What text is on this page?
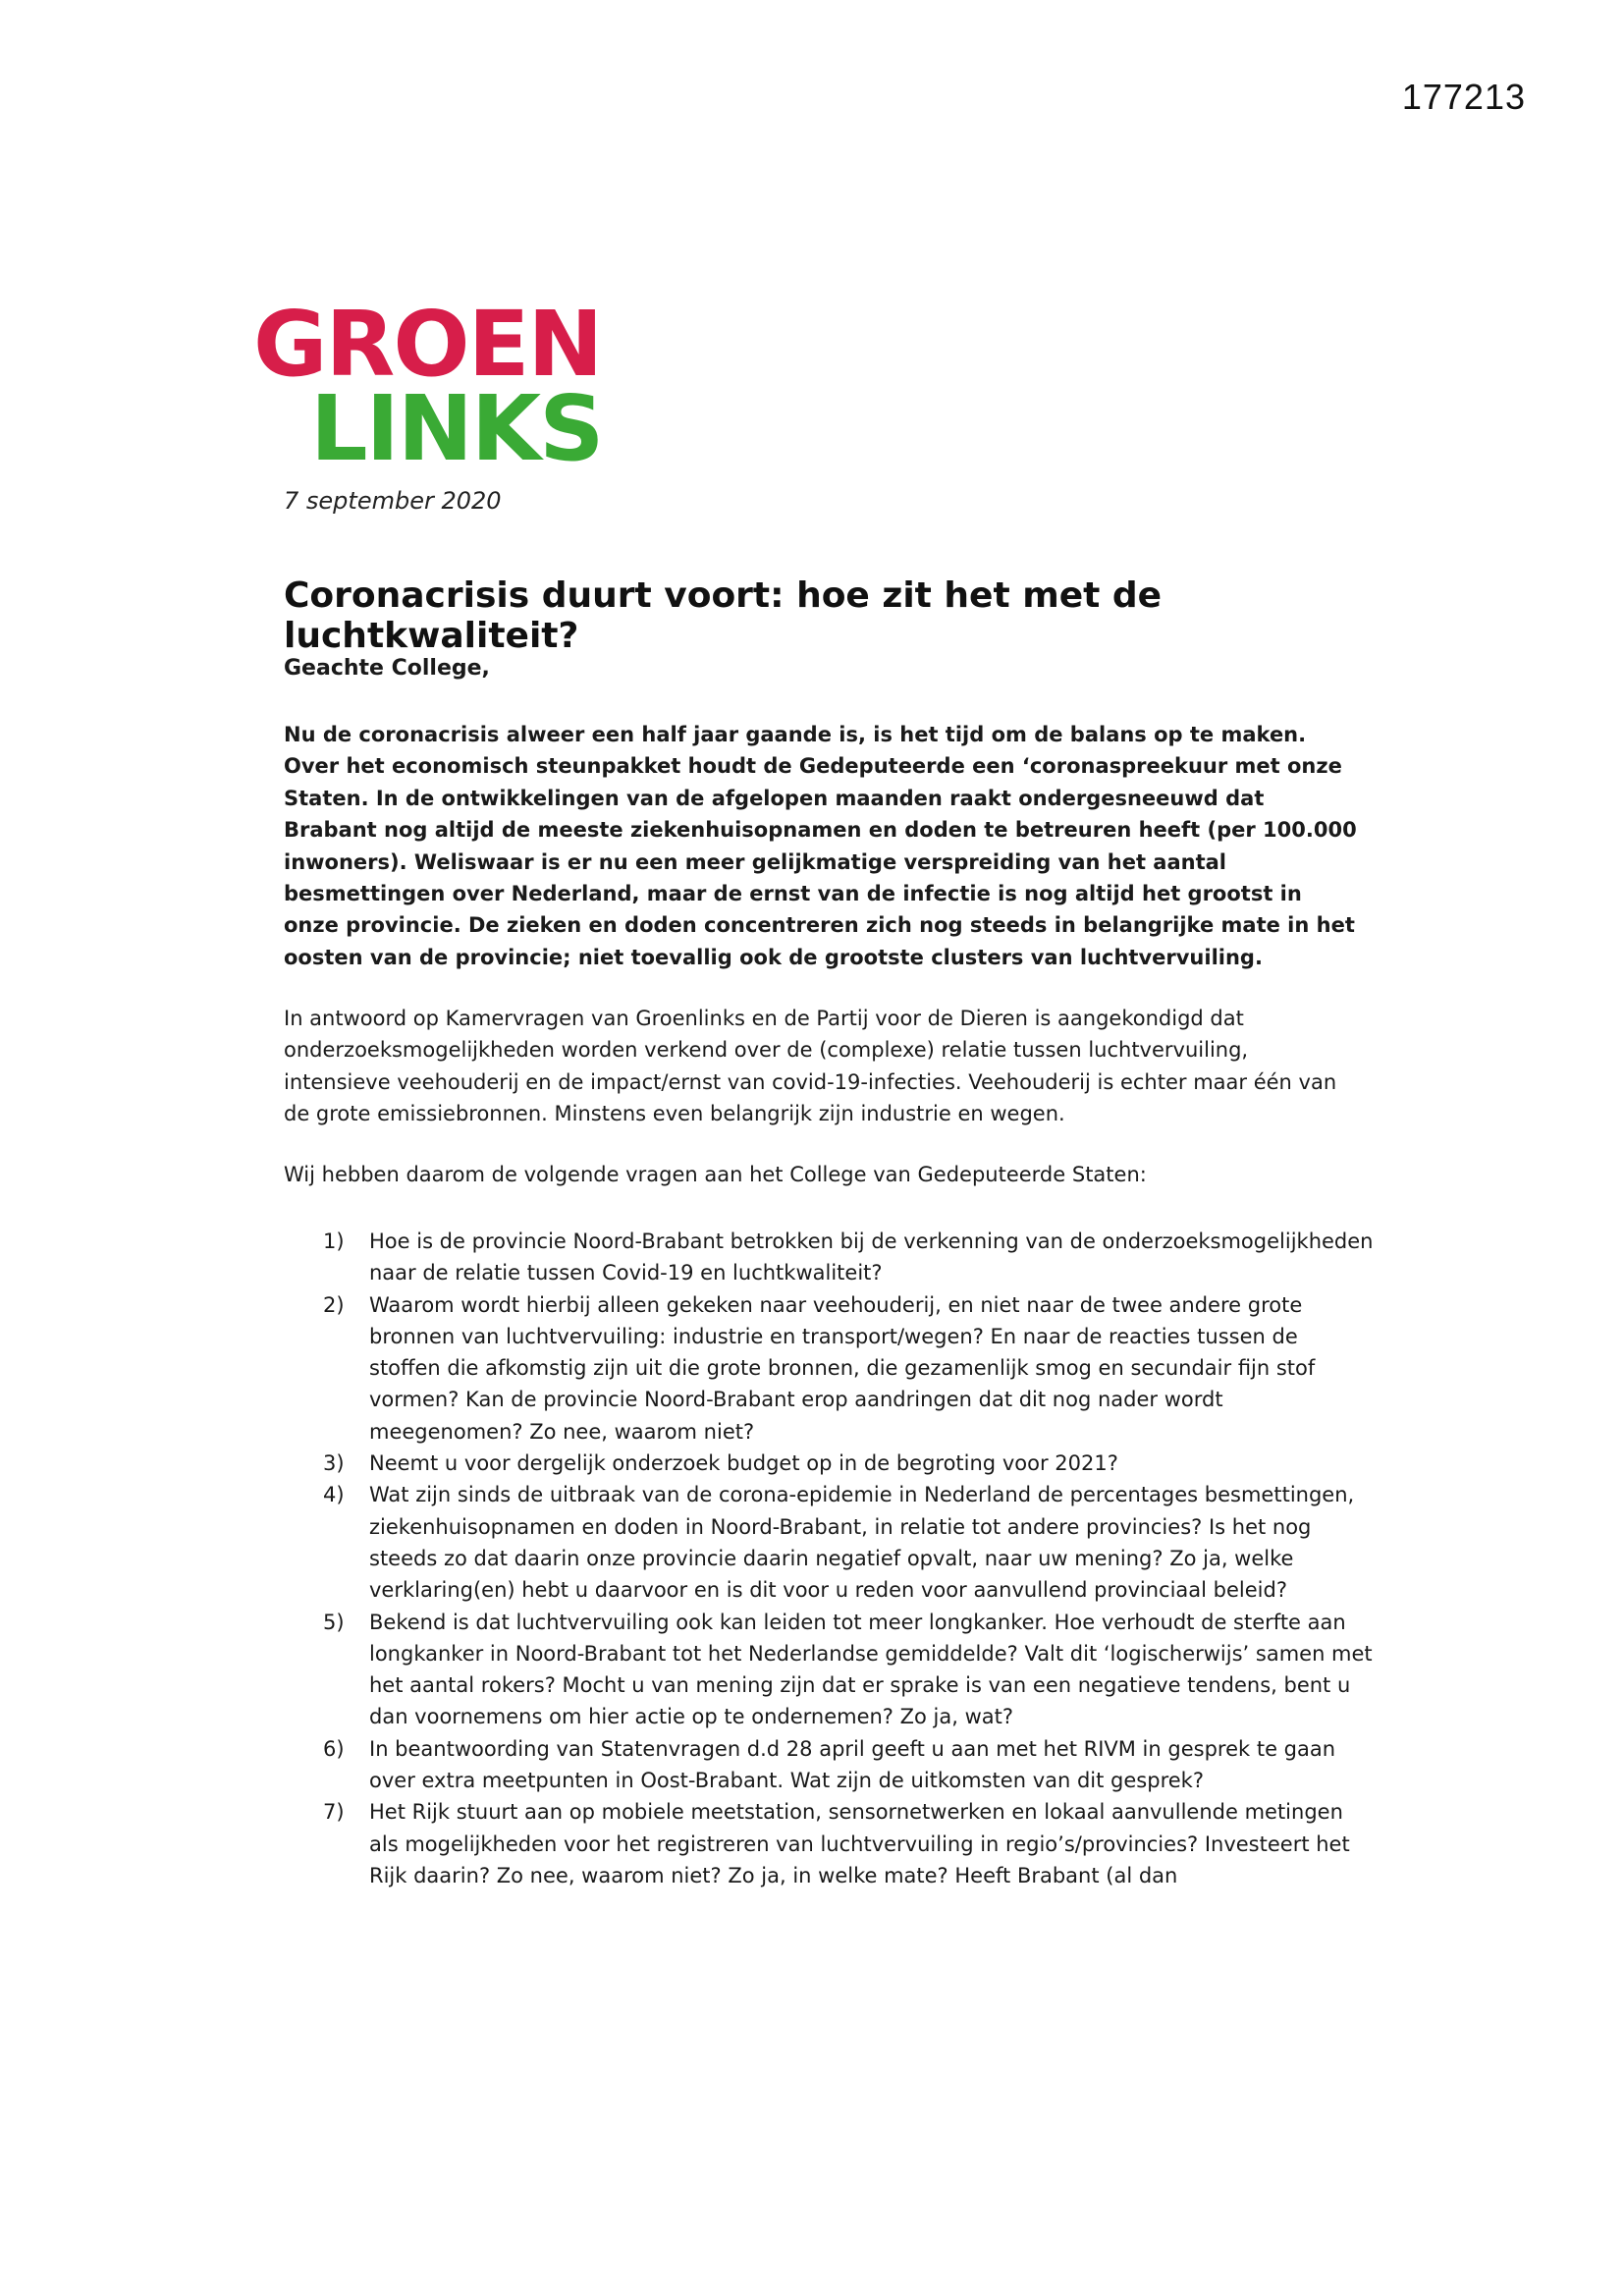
177213
GROEN
LINKS
7 september 2020
Coronacrisis duurt voort: hoe zit het met de luchtkwaliteit?
Geachte College,

Nu de coronacrisis alweer een half jaar gaande is, is het tijd om de balans op te maken. Over het economisch steunpakket houdt de Gedeputeerde een ‘coronaspreekuur met onze Staten. In de ontwikkelingen van de afgelopen maanden raakt ondergesneeuwd dat Brabant nog altijd de meeste ziekenhuisopnamen en doden te betreuren heeft (per 100.000 inwoners). Weliswaar is er nu een meer gelijkmatige verspreiding van het aantal besmettingen over Nederland, maar de ernst van de infectie is nog altijd het grootst in onze provincie. De zieken en doden concentreren zich nog steeds in belangrijke mate in het oosten van de provincie; niet toevallig ook de grootste clusters van luchtvervuiling.

In antwoord op Kamervragen van Groenlinks en de Partij voor de Dieren is aangekondigd dat onderzoeksmogelijkheden worden verkend over de (complexe) relatie tussen luchtvervuiling, intensieve veehouderij en de impact/ernst van covid-19-infecties. Veehouderij is echter maar één van de grote emissiebronnen. Minstens even belangrijk zijn industrie en wegen.

Wij hebben daarom de volgende vragen aan het College van Gedeputeerde Staten:
1) Hoe is de provincie Noord-Brabant betrokken bij de verkenning van de onderzoeksmogelijkheden naar de relatie tussen Covid-19 en luchtkwaliteit?
2) Waarom wordt hierbij alleen gekeken naar veehouderij, en niet naar de twee andere grote bronnen van luchtvervuiling: industrie en transport/wegen? En naar de reacties tussen de stoffen die afkomstig zijn uit die grote bronnen, die gezamenlijk smog en secundair fijn stof vormen? Kan de provincie Noord-Brabant erop aandringen dat dit nog nader wordt meegenomen? Zo nee, waarom niet?
3) Neemt u voor dergelijk onderzoek budget op in de begroting voor 2021?
4) Wat zijn sinds de uitbraak van de corona-epidemie in Nederland de percentages besmettingen, ziekenhuisopnamen en doden in Noord-Brabant, in relatie tot andere provincies? Is het nog steeds zo dat daarin onze provincie daarin negatief opvalt, naar uw mening? Zo ja, welke verklaring(en) hebt u daarvoor en is dit voor u reden voor aanvullend provinciaal beleid?
5) Bekend is dat luchtvervuiling ook kan leiden tot meer longkanker. Hoe verhoudt de sterfte aan longkanker in Noord-Brabant tot het Nederlandse gemiddelde? Valt dit ‘logischerwijs’ samen met het aantal rokers? Mocht u van mening zijn dat er sprake is van een negatieve tendens, bent u dan voornemens om hier actie op te ondernemen? Zo ja, wat?
6) In beantwoording van Statenvragen d.d 28 april geeft u aan met het RIVM in gesprek te gaan over extra meetpunten in Oost-Brabant. Wat zijn de uitkomsten van dit gesprek?
7) Het Rijk stuurt aan op mobiele meetstation, sensornetwerken en lokaal aanvullende metingen als mogelijkheden voor het registreren van luchtvervuiling in regio’s/provincies? Investeert het Rijk daarin? Zo nee, waarom niet? Zo ja, in welke mate? Heeft Brabant (al dan
